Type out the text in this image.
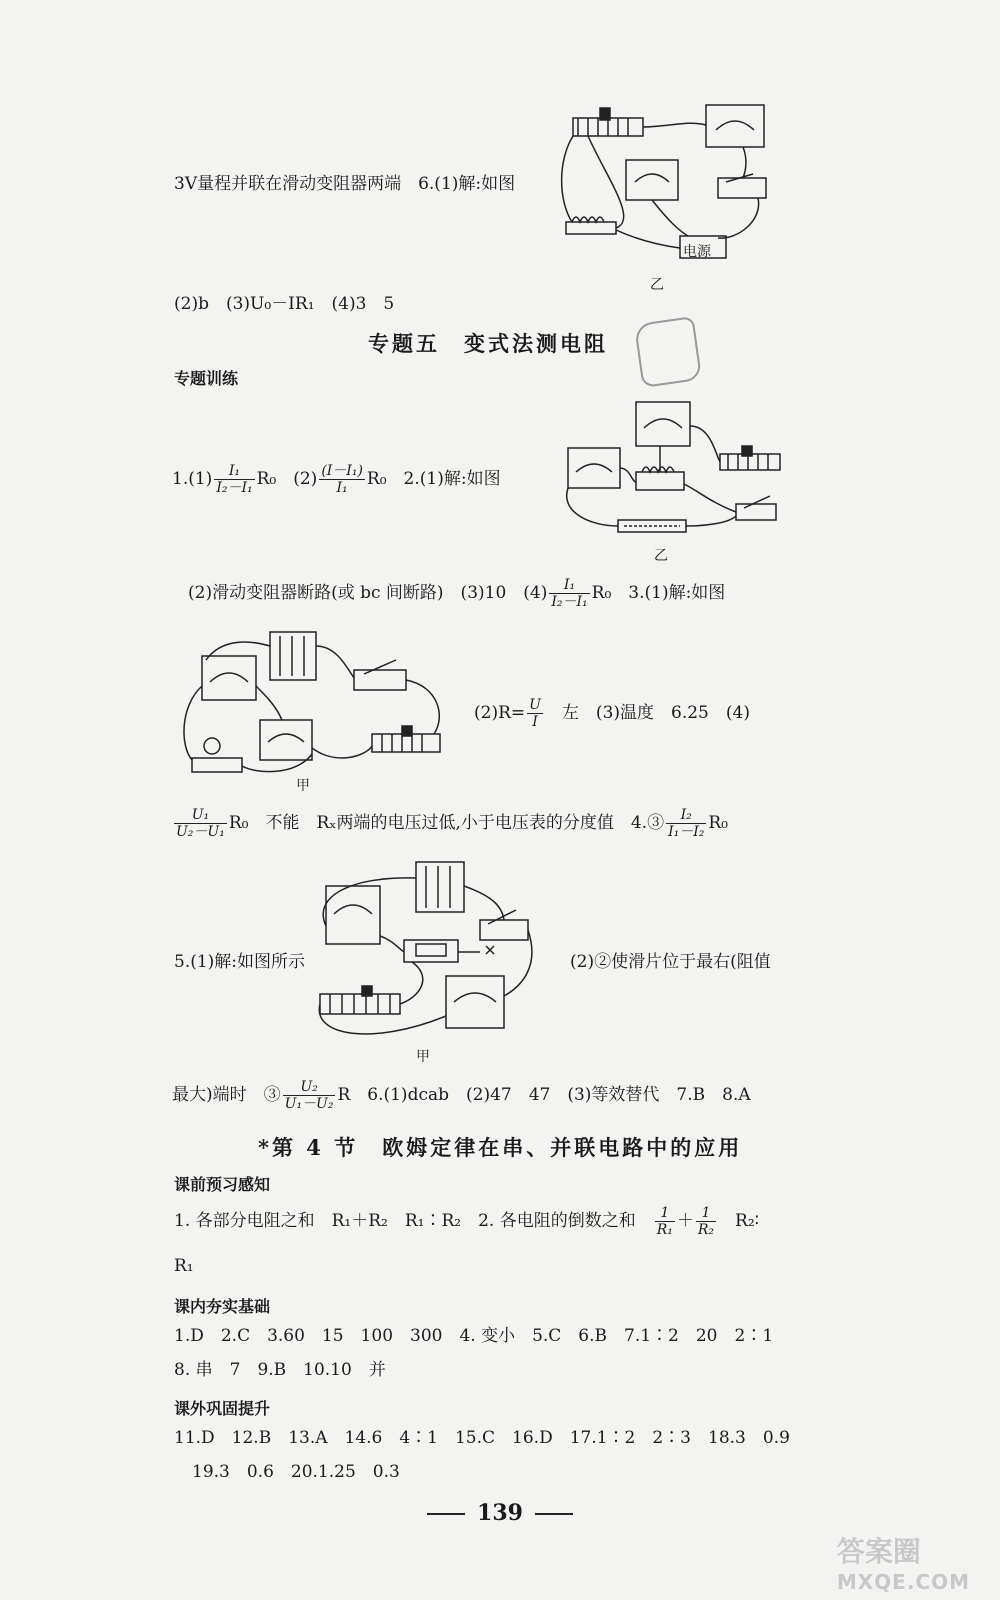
3V量程并联在滑动变阻器两端　6.(1)解:如图
电源
乙
(2)b　(3)U₀－IR₁　(4)3　5
专题五　变式法测电阻
专题训练
乙
$1.(1) \frac{\text{I₁}}{\text{I₂－I₁}} R_0$　$(2) \frac{\text{(I－I₁)}}{\text{I₁}} R_0$　2.(1)解:如图
(2)滑动变阻器断路(或 bc 间断路)　(3)10　$(4) \frac{\text{I₁}}{\text{I₂－I₁}} R_0$　3.(1)解:如图
甲
$(2)R= \frac{U}{I}$
　 左　(3)温度　6.25　(4)
$\frac{\text{U₁}}{\text{U₂－U₁}} R_0$　不能　Rₓ两端的电压过低,小于电压表的分度值　4.③ $\frac{\text{I₂}}{\text{I₁－I₂}} R_0$
甲
5.(1)解:如图所示	(2)②使滑片位于最右(阻值
最大)端时　③ $\frac{\text{U₂}}{\text{U₁－U₂}}$ R　6.(1)dcab　(2)47　47　(3)等效替代　7.B　8.A
*第 4 节　欧姆定律在串、并联电路中的应用
课前预习感知
1. 各部分电阻之和　R₁＋R₂　R₁∶R₂　2. 各电阻的倒数之和　 $\frac{1}{\text{R₁}} + \frac{1}{\text{R₂}}$
　 R₂∶
R₁
课内夯实基础
1.D　2.C　3.60　15　100　300　4. 变小　5.C　6.B　7.1∶2　20　2∶1
8. 串　7　9.B　10.10　并
课外巩固提升
11.D　12.B　13.A　14.6　4∶1　15.C　16.D　17.1∶2　2∶3　18.3　0.9
19.3　0.6　20.1.25　0.3
139
答案圈
MXQE.COM
